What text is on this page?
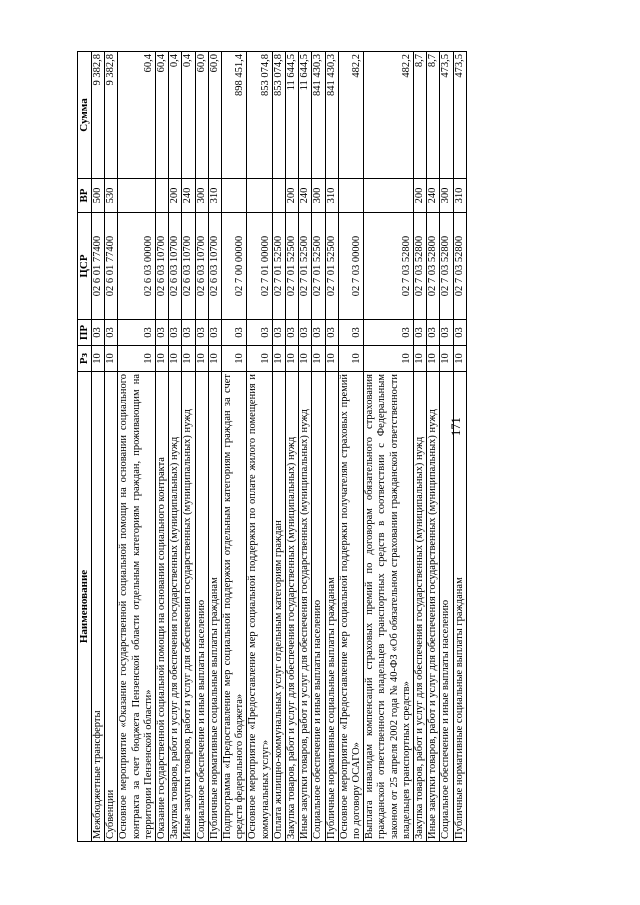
171
Наименование	Рз	ПР	ЦСР	ВР	Сумма
Межбюджетные трансферты	10	03	02 6 01 77400	500	9 382,8
Субвенции	10	03	02 6 01 77400	530	9 382,8
Основное мероприятие «Оказание государственной социальной помощи на основании социального контракта за счет бюджета Пензенской области отдельным категориям граждан, проживающим на территории Пензенской области»	10	03	02 6 03 00000		60,4
Оказание государственной социальной помощи на основании социального контракта	10	03	02 6 03 10700		60,4
Закупка товаров, работ и услуг для обеспечения государственных (муниципальных) нужд	10	03	02 6 03 10700	200	0,4
Иные закупки товаров, работ и услуг для обеспечения государственных (муниципальных) нужд	10	03	02 6 03 10700	240	0,4
Социальное обеспечение и иные выплаты населению	10	03	02 6 03 10700	300	60,0
Публичные нормативные социальные выплаты гражданам	10	03	02 6 03 10700	310	60,0
Подпрограмма «Предоставление мер социальной поддержки отдельным категориям граждан за счет средств федерального бюджета»	10	03	02 7 00 00000		898 451,4
Основное мероприятие «Предоставление мер социальной поддержки по оплате жилого помещения и коммунальных услуг»	10	03	02 7 01 00000		853 074,8
Оплата жилищно-коммунальных услуг отдельным категориям граждан	10	03	02 7 01 52500		853 074,8
Закупка товаров, работ и услуг для обеспечения государственных (муниципальных) нужд	10	03	02 7 01 52500	200	11 644,5
Иные закупки товаров, работ и услуг для обеспечения государственных (муниципальных) нужд	10	03	02 7 01 52500	240	11 644,5
Социальное обеспечение и иные выплаты населению	10	03	02 7 01 52500	300	841 430,3
Публичные нормативные социальные выплаты гражданам	10	03	02 7 01 52500	310	841 430,3
Основное мероприятие «Предоставление мер социальной поддержки получателям страховых премий по договору ОСАГО»	10	03	02 7 03 00000		482,2
Выплата инвалидам компенсаций страховых премий по договорам обязательного страхования гражданской ответственности владельцев транспортных средств в соответствии с Федеральным законом от 25 апреля 2002 года № 40-ФЗ «Об обязательном страховании гражданской ответственности владельцев транспортных средств»	10	03	02 7 03 52800		482,2
Закупка товаров, работ и услуг для обеспечения государственных (муниципальных) нужд	10	03	02 7 03 52800	200	8,7
Иные закупки товаров, работ и услуг для обеспечения государственных (муниципальных) нужд	10	03	02 7 03 52800	240	8,7
Социальное обеспечение и иные выплаты населению	10	03	02 7 03 52800	300	473,5
Публичные нормативные социальные выплаты гражданам	10	03	02 7 03 52800	310	473,5
